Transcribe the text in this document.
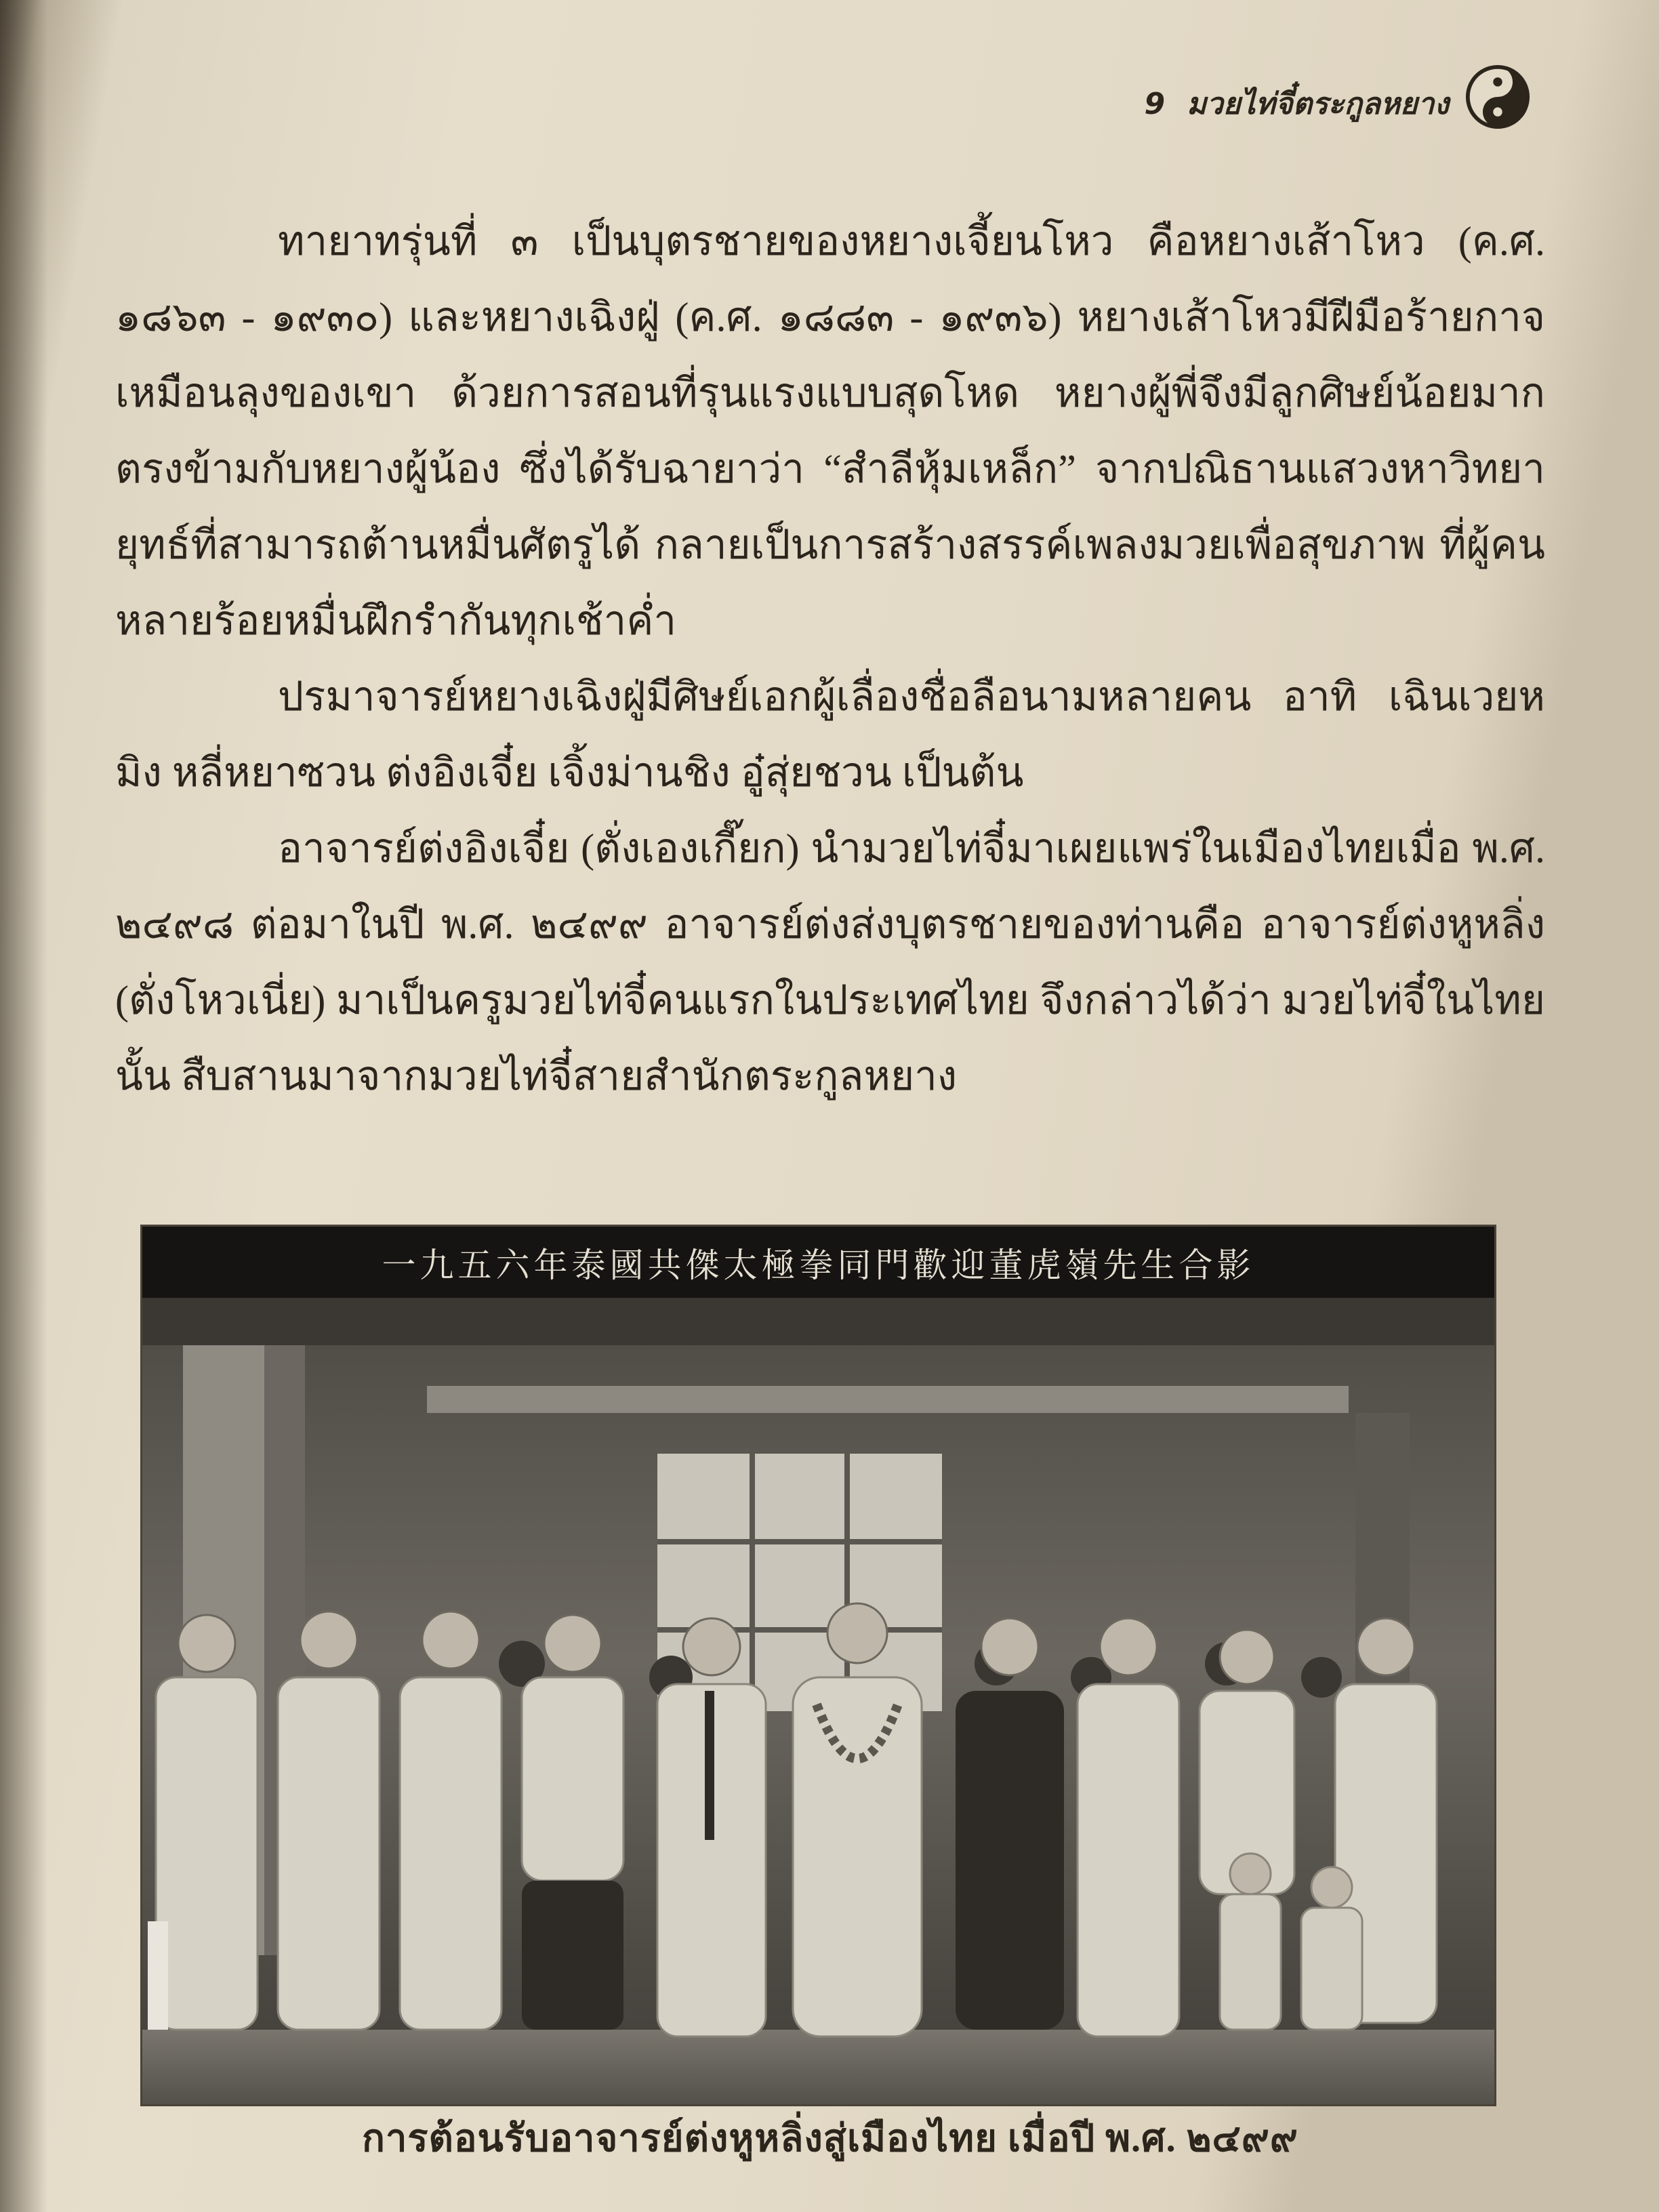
9 มวยไท่จี๋ตระกูลหยาง

ทายาทรุ่นที่ ๓ เป็นบุตรชายของหยางเจี้ยนโหว คือหยางเส้าโหว (ค.ศ. ๑๘๖๓ - ๑๙๓๐) และหยางเฉิงฝู่ (ค.ศ. ๑๘๘๓ - ๑๙๓๖) หยางเส้าโหวมีฝีมือร้ายกาจเหมือนลุงของเขา ด้วยการสอนที่รุนแรงแบบสุดโหด หยางผู้พี่จึงมีลูกศิษย์น้อยมาก ตรงข้ามกับหยางผู้น้อง ซึ่งได้รับฉายาว่า “สำลีหุ้มเหล็ก” จากปณิธานแสวงหาวิทยายุทธ์ที่สามารถต้านหมื่นศัตรูได้ กลายเป็นการสร้างสรรค์เพลงมวยเพื่อสุขภาพ ที่ผู้คนหลายร้อยหมื่นฝึกรำกันทุกเช้าค่ำ

ปรมาจารย์หยางเฉิงฝู่มีศิษย์เอกผู้เลื่องชื่อลือนามหลายคน อาทิ เฉินเวยหมิง หลี่หยาซวน ต่งอิงเจี๋ย เจิ้งม่านชิง อู๋สุ่ยชวน เป็นต้น

อาจารย์ต่งอิงเจี๋ย (ตั่งเองเกี๊ยก) นำมวยไท่จี๋มาเผยแพร่ในเมืองไทยเมื่อ พ.ศ. ๒๔๙๘ ต่อมาในปี พ.ศ. ๒๔๙๙ อาจารย์ต่งส่งบุตรชายของท่านคือ อาจารย์ต่งหูหลิ่ง (ตั่งโหวเนี่ย) มาเป็นครูมวยไท่จี๋คนแรกในประเทศไทย จึงกล่าวได้ว่า มวยไท่จี๋ในไทยนั้น สืบสานมาจากมวยไท่จี๋สายสำนักตระกูลหยาง

一九五六年泰國共傑太極拳同門歡迎董虎嶺先生合影
การต้อนรับอาจารย์ต่งหูหลิ่งสู่เมืองไทย เมื่อปี พ.ศ. ๒๔๙๙
